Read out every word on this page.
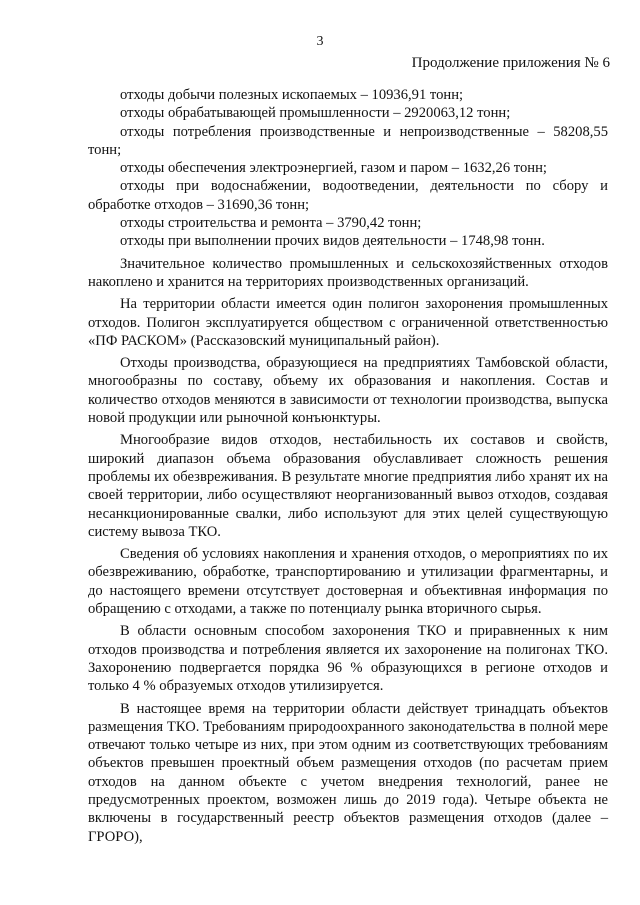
3
Продолжение приложения № 6

отходы добычи полезных ископаемых – 10936,91 тонн;

отходы обрабатывающей промышленности – 2920063,12 тонн;

отходы потребления производственные и непроизводственные – 58208,55 тонн;

отходы обеспечения электроэнергией, газом и паром – 1632,26 тонн;

отходы при водоснабжении, водоотведении, деятельности по сбору и обработке отходов – 31690,36 тонн;

отходы строительства и ремонта – 3790,42 тонн;

отходы при выполнении прочих видов деятельности – 1748,98 тонн.

Значительное количество промышленных и сельскохозяйственных отходов накоплено и хранится на территориях производственных организаций.

На территории области имеется один полигон захоронения промышленных отходов. Полигон эксплуатируется обществом с ограниченной ответственностью «ПФ РАСКОМ» (Рассказовский муниципальный район).

Отходы производства, образующиеся на предприятиях Тамбовской области, многообразны по составу, объему их образования и накопления. Состав и количество отходов меняются в зависимости от технологии производства, выпуска новой продукции или рыночной конъюнктуры.

Многообразие видов отходов, нестабильность их составов и свойств, широкий диапазон объема образования обуславливает сложность решения проблемы их обезвреживания. В результате многие предприятия либо хранят их на своей территории, либо осуществляют неорганизованный вывоз отходов, создавая несанкционированные свалки, либо используют для этих целей существующую систему вывоза ТКО.

Сведения об условиях накопления и хранения отходов, о мероприятиях по их обезвреживанию, обработке, транспортированию и утилизации фрагментарны, и до настоящего времени отсутствует достоверная и объективная информация по обращению с отходами, а также по потенциалу рынка вторичного сырья.

В области основным способом захоронения ТКО и приравненных к ним отходов производства и потребления является их захоронение на полигонах ТКО. Захоронению подвергается порядка 96 % образующихся в регионе отходов и только 4 % образуемых отходов утилизируется.

В настоящее время на территории области действует тринадцать объектов размещения ТКО. Требованиям природоохранного законодательства в полной мере отвечают только четыре из них, при этом одним из соответствующих требованиям объектов превышен проектный объем размещения отходов (по расчетам прием отходов на данном объекте с учетом внедрения технологий, ранее не предусмотренных проектом, возможен лишь до 2019 года). Четыре объекта не включены в государственный реестр объектов размещения отходов (далее – ГРОРО),
